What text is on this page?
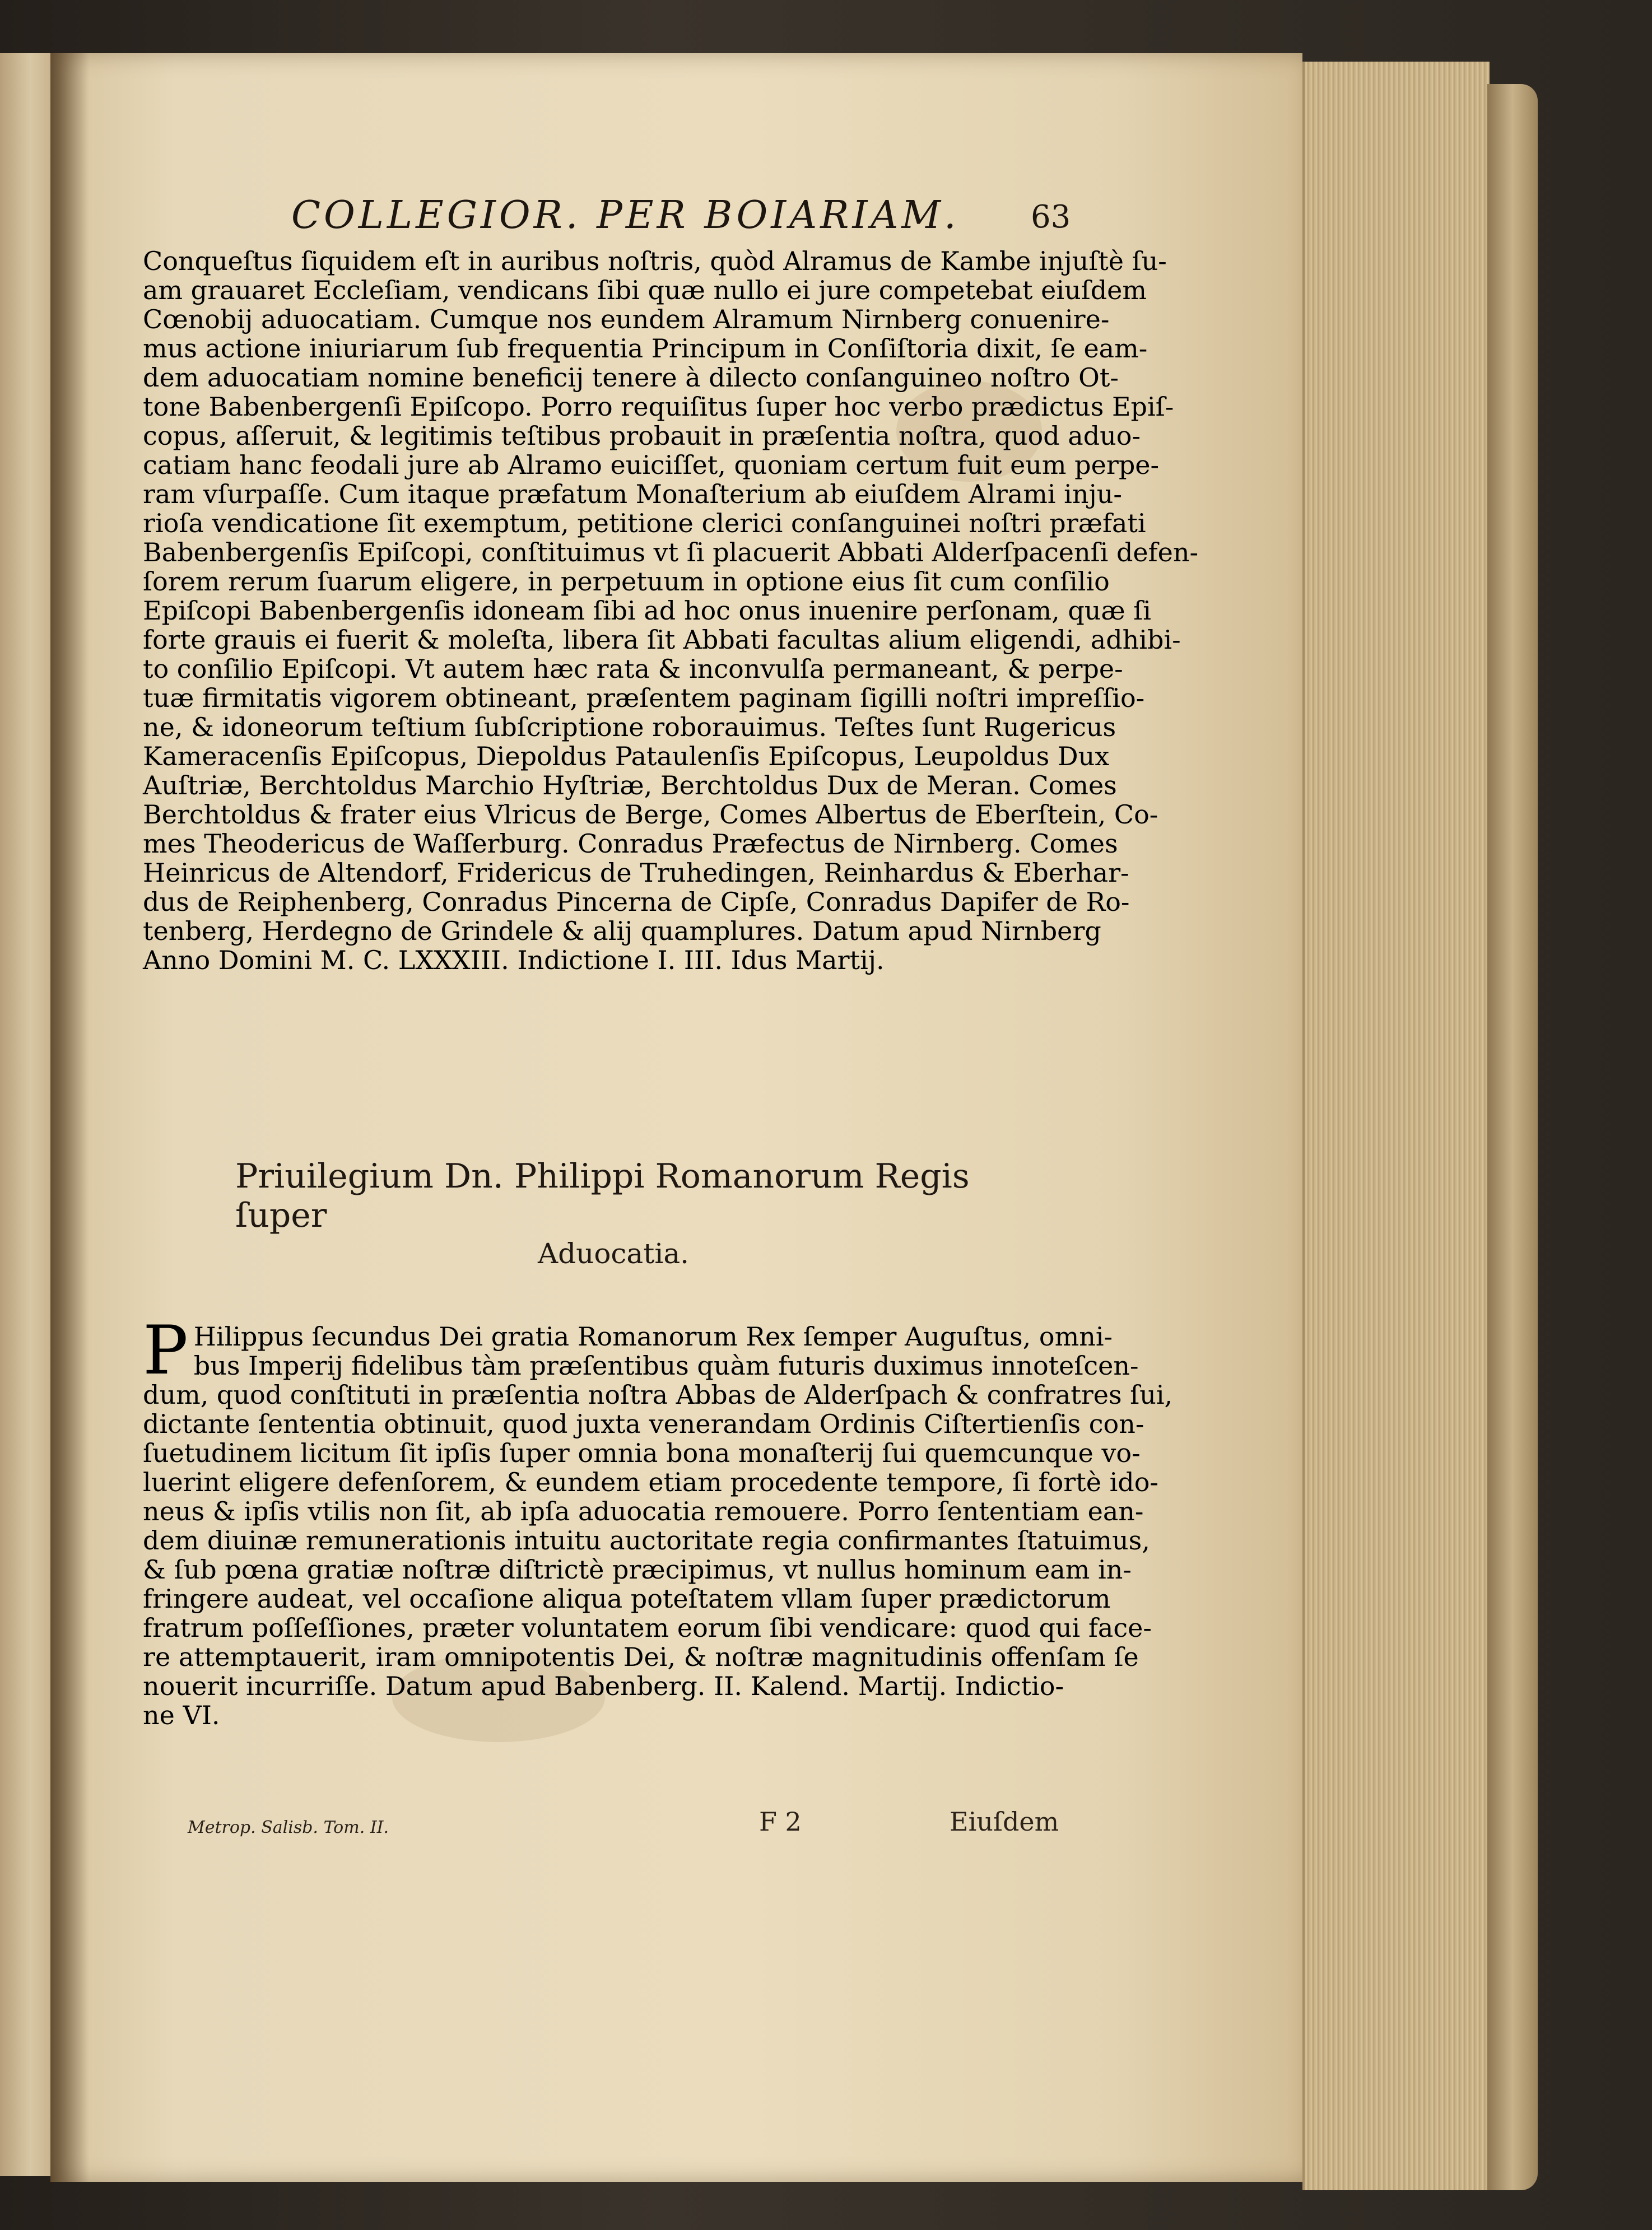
COLLEGIOR. PER BOIARIAM. 63

Conqueſtus ſiquidem eſt in auribus noſtris, quòd Alramus de Kambe injuſtè ſu-
am grauaret Eccleſiam, vendicans ſibi quæ nullo ei jure competebat eiuſdem
Cœnobij aduocatiam. Cumque nos eundem Alramum Nirnberg conuenire-
mus actione iniuriarum ſub frequentia Principum in Conſiſtoria dixit, ſe eam-
dem aduocatiam nomine beneficij tenere à dilecto conſanguineo noſtro Ot-
tone Babenbergenſi Epiſcopo. Porro requiſitus ſuper hoc verbo prædictus Epiſ-
copus, aſſeruit, & legitimis teſtibus probauit in præſentia noſtra, quod aduo-
catiam hanc feodali jure ab Alramo euiciſſet, quoniam certum fuit eum perpe-
ram vſurpaſſe. Cum itaque præfatum Monaſterium ab eiuſdem Alrami inju-
rioſa vendicatione ſit exemptum, petitione clerici conſanguinei noſtri præfati
Babenbergenſis Epiſcopi, conſtituimus vt ſi placuerit Abbati Alderſpacenſi defen-
ſorem rerum ſuarum eligere, in perpetuum in optione eius ſit cum conſilio
Epiſcopi Babenbergenſis idoneam ſibi ad hoc onus inuenire perſonam, quæ ſi
forte grauis ei fuerit & moleſta, libera ſit Abbati facultas alium eligendi, adhibi-
to conſilio Epiſcopi. Vt autem hæc rata & inconvulſa permaneant, & perpe-
tuæ firmitatis vigorem obtineant, præſentem paginam ſigilli noſtri impreſſio-
ne, & idoneorum teſtium ſubſcriptione roborauimus. Teſtes ſunt Rugericus
Kameracenſis Epiſcopus, Diepoldus Pataulenſis Epiſcopus, Leupoldus Dux
Auſtriæ, Berchtoldus Marchio Hyſtriæ, Berchtoldus Dux de Meran. Comes
Berchtoldus & frater eius Vlricus de Berge, Comes Albertus de Eberſtein, Co-
mes Theodericus de Waſſerburg. Conradus Præfectus de Nirnberg. Comes
Heinricus de Altendorf, Fridericus de Truhedingen, Reinhardus & Eberhar-
dus de Reiphenberg, Conradus Pincerna de Cipſe, Conradus Dapifer de Ro-
tenberg, Herdegno de Grindele & alij quamplures. Datum apud Nirnberg
Anno Domini M. C. LXXXIII. Indictione I. III. Idus Martij.

Priuilegium Dn. Philippi Romanorum Regis ſuper
Aduocatia.
P Hilippus ſecundus Dei gratia Romanorum Rex ſemper Auguſtus, omni-
bus Imperij fidelibus tàm præſentibus quàm futuris duximus innoteſcen-
dum, quod conſtituti in præſentia noſtra Abbas de Alderſpach & confratres ſui,
dictante ſententia obtinuit, quod juxta venerandam Ordinis Ciſtertienſis con-
ſuetudinem licitum ſit ipſis ſuper omnia bona monaſterij ſui quemcunque vo-
luerint eligere defenſorem, & eundem etiam procedente tempore, ſi fortè ido-
neus & ipſis vtilis non ſit, ab ipſa aduocatia remouere. Porro ſententiam ean-
dem diuinæ remunerationis intuitu auctoritate regia confirmantes ſtatuimus,
& ſub pœna gratiæ noſtræ diſtrictè præcipimus, vt nullus hominum eam in-
fringere audeat, vel occaſione aliqua poteſtatem vllam ſuper prædictorum
fratrum poſſeſſiones, præter voluntatem eorum ſibi vendicare: quod qui face-
re attemptauerit, iram omnipotentis Dei, & noſtræ magnitudinis offenſam ſe
nouerit incurriſſe. Datum apud Babenberg. II. Kalend. Martij. Indictio-
ne VI.

Metrop. Salisb. Tom. II.	F 2	Eiuſdem
